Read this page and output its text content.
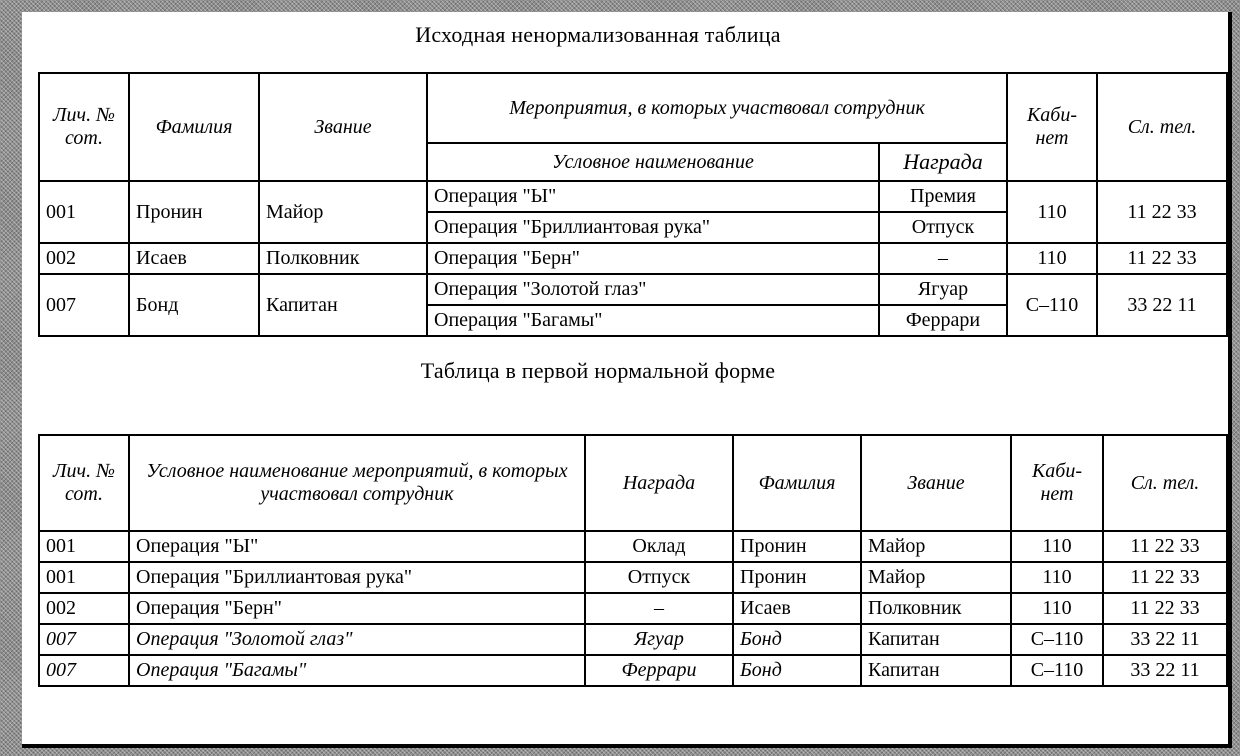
Исходная ненормализованная таблица
Лич. № сот.	Фамилия	Звание	Мероприятия, в которых участвовал сотрудник		Каби- нет	Сл. тел.
			Условное наименование	Награда		
001	Пронин	Майор	Операция "Ы"	Премия	110	11 22 33
			Операция "Бриллиантовая рука"	Отпуск		
002	Исаев	Полковник	Операция "Берн"	–	110	11 22 33
007	Бонд	Капитан	Операция "Золотой глаз"	Ягуар	С–110	33 22 11
			Операция "Багамы"	Феррари		
Таблица в первой нормальной форме
Лич. № сот.	Условное наименование мероприятий, в которых участвовал сотрудник	Награда	Фамилия	Звание	Каби- нет	Сл. тел.
001	Операция "Ы"	Оклад	Пронин	Майор	110	11 22 33
001	Операция "Бриллиантовая рука"	Отпуск	Пронин	Майор	110	11 22 33
002	Операция "Берн"	–	Исаев	Полковник	110	11 22 33
007	Операция "Золотой глаз"	Ягуар	Бонд	Капитан	С–110	33 22 11
007	Операция "Багамы"	Феррари	Бонд	Капитан	С–110	33 22 11
